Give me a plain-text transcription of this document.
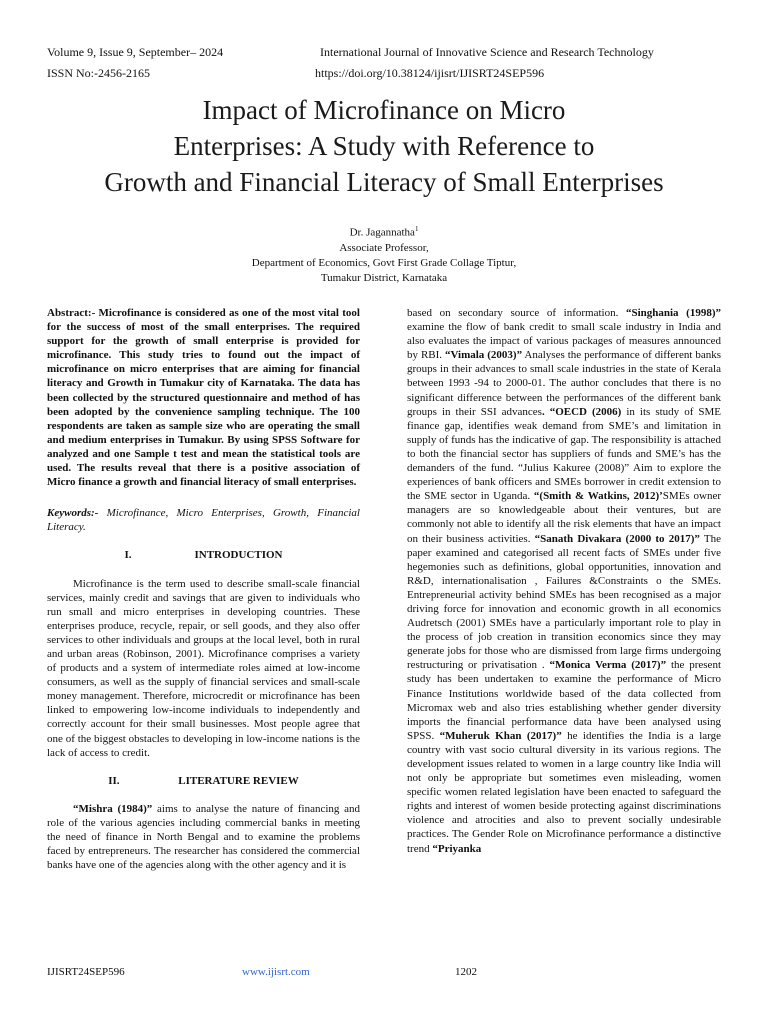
Volume 9, Issue 9, September– 2024	International Journal of Innovative Science and Research Technology
ISSN No:-2456-2165	https://doi.org/10.38124/ijisrt/IJISRT24SEP596
Impact of Microfinance on Micro
Enterprises: A Study with Reference to
Growth and Financial Literacy of Small Enterprises
Dr. Jagannatha$^1$
Associate Professor,
Department of Economics, Govt First Grade Collage Tiptur,
Tumakur District, Karnataka

Abstract:- Microfinance is considered as one of the most vital tool for the success of most of the small enterprises. The required support for the growth of small enterprise is provided for microfinance. This study tries to found out the impact of microfinance on micro enterprises that are aiming for financial literacy and Growth in Tumakur city of Karnataka. The data has been collected by the structured questionnaire and method of has been adopted by the convenience sampling technique. The 100 respondents are taken as sample size who are operating the small and medium enterprises in Tumakur. By using SPSS Software for analyzed and one Sample t test and mean the statistical tools are used. The results reveal that there is a positive association of Micro finance a growth and financial literacy of small enterprises.

Keywords:- Microfinance, Micro Enterprises, Growth, Financial Literacy.

I.	INTRODUCTION

Microfinance is the term used to describe small-scale financial services, mainly credit and savings that are given to individuals who run small and micro enterprises in developing countries. These enterprises produce, recycle, repair, or sell goods, and they also offer services to other individuals and groups at the local level, both in rural and urban areas (Robinson, 2001). Microfinance comprises a variety of products and a system of intermediate roles aimed at low-income consumers, as well as the supply of financial services and small-scale money management. Therefore, microcredit or microfinance has been linked to empowering low-income individuals to independently and correctly account for their small businesses. Most people agree that one of the biggest obstacles to developing in low-income nations is the lack of access to credit.

II.	LITERATURE REVIEW

“Mishra (1984)” aims to analyse the nature of financing and role of the various agencies including commercial banks in meeting the need of finance in North Bengal and to examine the problems faced by entrepreneurs. The researcher has considered the commercial banks have one of the agencies along with the other agency and it is

based on secondary source of information. “Singhania (1998)” examine the flow of bank credit to small scale industry in India and also evaluates the impact of various packages of measures announced by RBI. “Vimala (2003)” Analyses the performance of different banks groups in their advances to small scale industries in the state of Kerala between 1993 -94 to 2000-01. The author concludes that there is no significant difference between the performances of the different bank groups in their SSI advances. “OECD (2006) in its study of SME finance gap, identifies weak demand from SME’s and limitation in supply of funds has the indicative of gap. The responsibility is attached to both the financial sector has suppliers of funds and SME’s has the demanders of the fund. “Julius Kakuree (2008)” Aim to explore the experiences of bank officers and SMEs borrower in credit extension to the SME sector in Uganda. “(Smith & Watkins, 2012)’SMEs owner managers are so knowledgeable about their ventures, but are commonly not able to identify all the risk elements that have an impact on their business activities. “Sanath Divakara (2000 to 2017)” The paper examined and categorised all recent facts of SMEs under five hegemonies such as definitions, global opportunities, innovation and R&D, internationalisation , Failures &Constraints o the SMEs. Entrepreneurial activity behind SMEs has been recognised as a major driving force for innovation and economic growth in all economics Audretsch (2001) SMEs have a particularly important role to play in the process of job creation in transition economics since they may generate jobs for those who are dismissed from large firms undergoing restructuring or privatisation . “Monica Verma (2017)” the present study has been undertaken to examine the performance of Micro Finance Institutions worldwide based of the data collected from Micromax web and also tries establishing whether gender diversity imports the financial performance data have been analysed using SPSS. “Muheruk Khan (2017)” he identifies the India is a large country with vast socio cultural diversity in its various regions. The development issues related to women in a large country like India will not only be appropriate but sometimes even misleading, women specific women related legislation have been enacted to safeguard the rights and interest of women beside protecting against discriminations violence and atrocities and also to prevent socially undesirable practices. The Gender Role on Microfinance performance a distinctive trend “Priyanka

IJISRT24SEP596	www.ijisrt.com	1202
